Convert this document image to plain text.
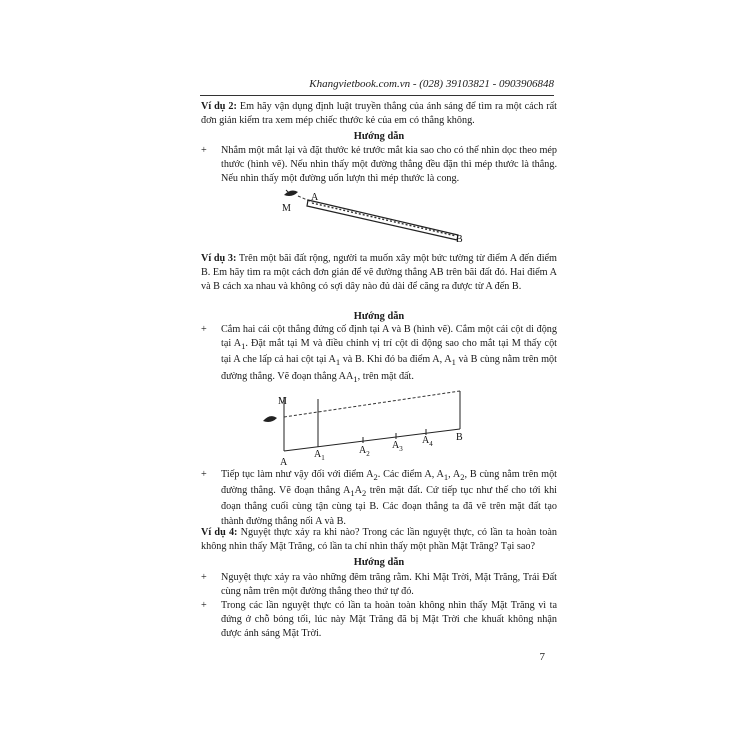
Khangvietbook.com.vn - (028) 39103821 - 0903906848
Ví dụ 2: Em hãy vận dụng định luật truyền thẳng của ánh sáng để tìm ra một cách rất đơn giản kiểm tra xem mép chiếc thước kẻ của em có thẳng không.
Hướng dẫn
+ Nhắm một mắt lại và đặt thước kẻ trước mắt kia sao cho có thể nhìn dọc theo mép thước (hình vẽ). Nếu nhìn thấy một đường thẳng đều đặn thì mép thước là thẳng. Nếu nhìn thấy một đường uốn lượn thì mép thước là cong.
M
A
B
Ví dụ 3: Trên một bãi đất rộng, người ta muốn xây một bức tường từ điểm A đến điểm B. Em hãy tìm ra một cách đơn giản để vẽ đường thẳng AB trên bãi đất đó. Hai điểm A và B cách xa nhau và không có sợi dây nào đủ dài để căng ra được từ A đến B.
Hướng dẫn
+ Cắm hai cái cột thẳng đứng cố định tại A và B (hình vẽ). Cắm một cái cột di động tại $A_1$. Đặt mắt tại M và điều chỉnh vị trí cột di động sao cho mắt tại M thấy cột tại A che lấp cả hai cột tại $A_1$ và B. Khi đó ba điểm A, $A_1$ và B cùng nằm trên một đường thẳng. Vẽ đoạn thẳng $AA_1$, trên mặt đất.
M
A
$A_1$
$A_2$
$A_3$
$A_4$
B
+ Tiếp tục làm như vậy đối với điểm $A_2$. Các điểm A, $A_1$, $A_2$, B cùng nằm trên một đường thẳng. Vẽ đoạn thẳng $A_1A_2$ trên mặt đất. Cứ tiếp tục như thế cho tới khi đoạn thẳng cuối cùng tận cùng tại B. Các đoạn thẳng ta đã vẽ trên mặt đất tạo thành đường thẳng nối A và B.
Ví dụ 4: Nguyệt thực xảy ra khi nào? Trong các lần nguyệt thực, có lần ta hoàn toàn không nhìn thấy Mặt Trăng, có lần ta chỉ nhìn thấy một phần Mặt Trăng? Tại sao?
Hướng dẫn
+ Nguyệt thực xảy ra vào những đêm trăng rằm. Khi Mặt Trời, Mặt Trăng, Trái Đất cùng nằm trên một đường thẳng theo thứ tự đó.
+ Trong các lần nguyệt thực có lần ta hoàn toàn không nhìn thấy Mặt Trăng vì ta đứng ở chỗ bóng tối, lúc này Mặt Trăng đã bị Mặt Trời che khuất không nhận được ánh sáng Mặt Trời.
7
